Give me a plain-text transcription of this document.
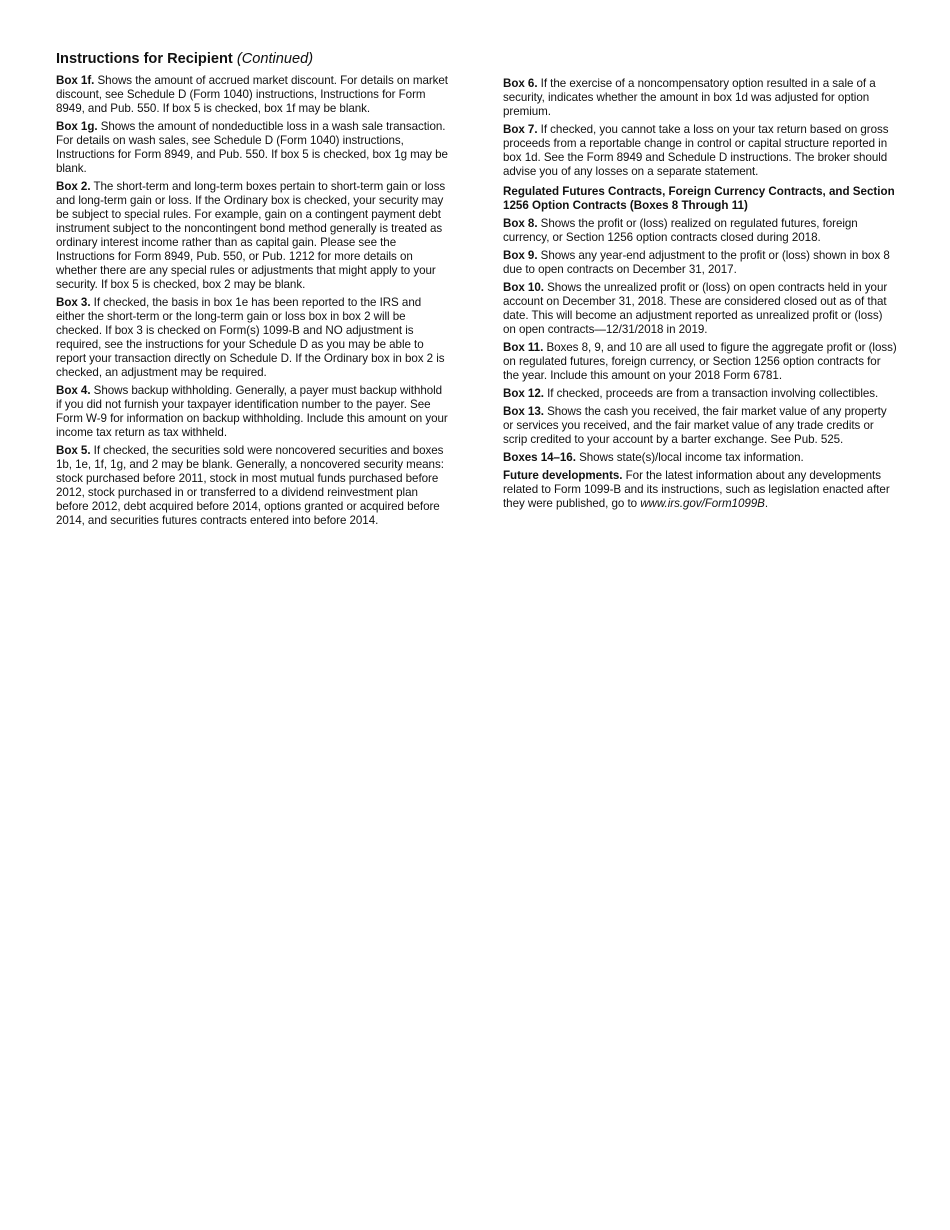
Instructions for Recipient (Continued)

Box 1f. Shows the amount of accrued market discount. For details on market discount, see Schedule D (Form 1040) instructions, Instructions for Form 8949, and Pub. 550. If box 5 is checked, box 1f may be blank.

Box 1g. Shows the amount of nondeductible loss in a wash sale transaction. For details on wash sales, see Schedule D (Form 1040) instructions, Instructions for Form 8949, and Pub. 550. If box 5 is checked, box 1g may be blank.

Box 2. The short-term and long-term boxes pertain to short-term gain or loss and long-term gain or loss. If the Ordinary box is checked, your security may be subject to special rules. For example, gain on a contingent payment debt instrument subject to the noncontingent bond method generally is treated as ordinary interest income rather than as capital gain. Please see the Instructions for Form 8949, Pub. 550, or Pub. 1212 for more details on whether there are any special rules or adjustments that might apply to your security. If box 5 is checked, box 2 may be blank.

Box 3. If checked, the basis in box 1e has been reported to the IRS and either the short-term or the long-term gain or loss box in box 2 will be checked. If box 3 is checked on Form(s) 1099-B and NO adjustment is required, see the instructions for your Schedule D as you may be able to report your transaction directly on Schedule D. If the Ordinary box in box 2 is checked, an adjustment may be required.

Box 4. Shows backup withholding. Generally, a payer must backup withhold if you did not furnish your taxpayer identification number to the payer. See Form W-9 for information on backup withholding. Include this amount on your income tax return as tax withheld.

Box 5. If checked, the securities sold were noncovered securities and boxes 1b, 1e, 1f, 1g, and 2 may be blank. Generally, a noncovered security means: stock purchased before 2011, stock in most mutual funds purchased before 2012, stock purchased in or transferred to a dividend reinvestment plan before 2012, debt acquired before 2014, options granted or acquired before 2014, and securities futures contracts entered into before 2014.

Box 6. If the exercise of a noncompensatory option resulted in a sale of a security, indicates whether the amount in box 1d was adjusted for option premium.

Box 7. If checked, you cannot take a loss on your tax return based on gross proceeds from a reportable change in control or capital structure reported in box 1d. See the Form 8949 and Schedule D instructions. The broker should advise you of any losses on a separate statement.

Regulated Futures Contracts, Foreign Currency Contracts, and Section 1256 Option Contracts (Boxes 8 Through 11)

Box 8. Shows the profit or (loss) realized on regulated futures, foreign currency, or Section 1256 option contracts closed during 2018.

Box 9. Shows any year-end adjustment to the profit or (loss) shown in box 8 due to open contracts on December 31, 2017.

Box 10. Shows the unrealized profit or (loss) on open contracts held in your account on December 31, 2018. These are considered closed out as of that date. This will become an adjustment reported as unrealized profit or (loss) on open contracts—12/31/2018 in 2019.

Box 11. Boxes 8, 9, and 10 are all used to figure the aggregate profit or (loss) on regulated futures, foreign currency, or Section 1256 option contracts for the year. Include this amount on your 2018 Form 6781.

Box 12. If checked, proceeds are from a transaction involving collectibles.

Box 13. Shows the cash you received, the fair market value of any property or services you received, and the fair market value of any trade credits or scrip credited to your account by a barter exchange. See Pub. 525.

Boxes 14–16. Shows state(s)/local income tax information.

Future developments. For the latest information about any developments related to Form 1099-B and its instructions, such as legislation enacted after they were published, go to www.irs.gov/Form1099B.
